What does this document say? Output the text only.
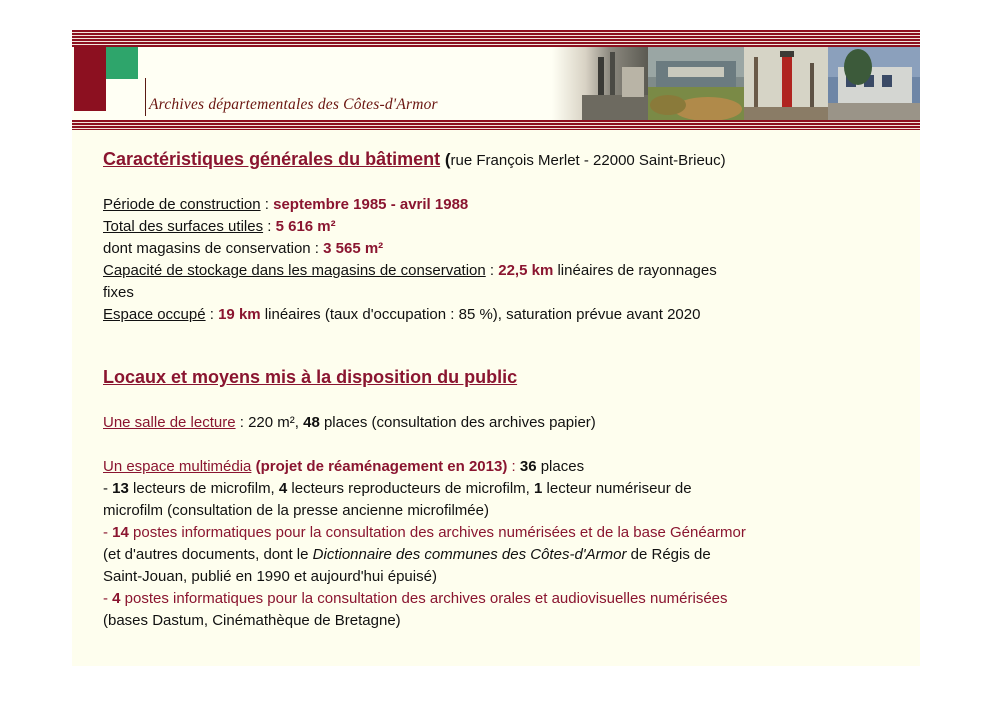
Archives départementales des Côtes-d'Armor
Caractéristiques générales du bâtiment (rue François Merlet - 22000 Saint-Brieuc)
Période de construction : septembre 1985 - avril 1988
Total des surfaces utiles : 5 616 m²
dont magasins de conservation : 3 565 m²
Capacité de stockage dans les magasins de conservation : 22,5 km linéaires de rayonnages
fixes
Espace occupé : 19 km linéaires (taux d'occupation : 85 %), saturation prévue avant 2020
Locaux et moyens mis à la disposition du public
Une salle de lecture : 220 m², 48 places (consultation des archives papier)
Un espace multimédia (projet de réaménagement en 2013) : 36 places
- 13 lecteurs de microfilm, 4 lecteurs reproducteurs de microfilm, 1 lecteur numériseur de
microfilm (consultation de la presse ancienne microfilmée)
- 14 postes informatiques pour la consultation des archives numérisées et de la base Généarmor
(et d'autres documents, dont le Dictionnaire des communes des Côtes-d'Armor de Régis de
Saint-Jouan, publié en 1990 et aujourd'hui épuisé)
- 4 postes informatiques pour la consultation des archives orales et audiovisuelles numérisées
(bases Dastum, Cinémathèque de Bretagne)
